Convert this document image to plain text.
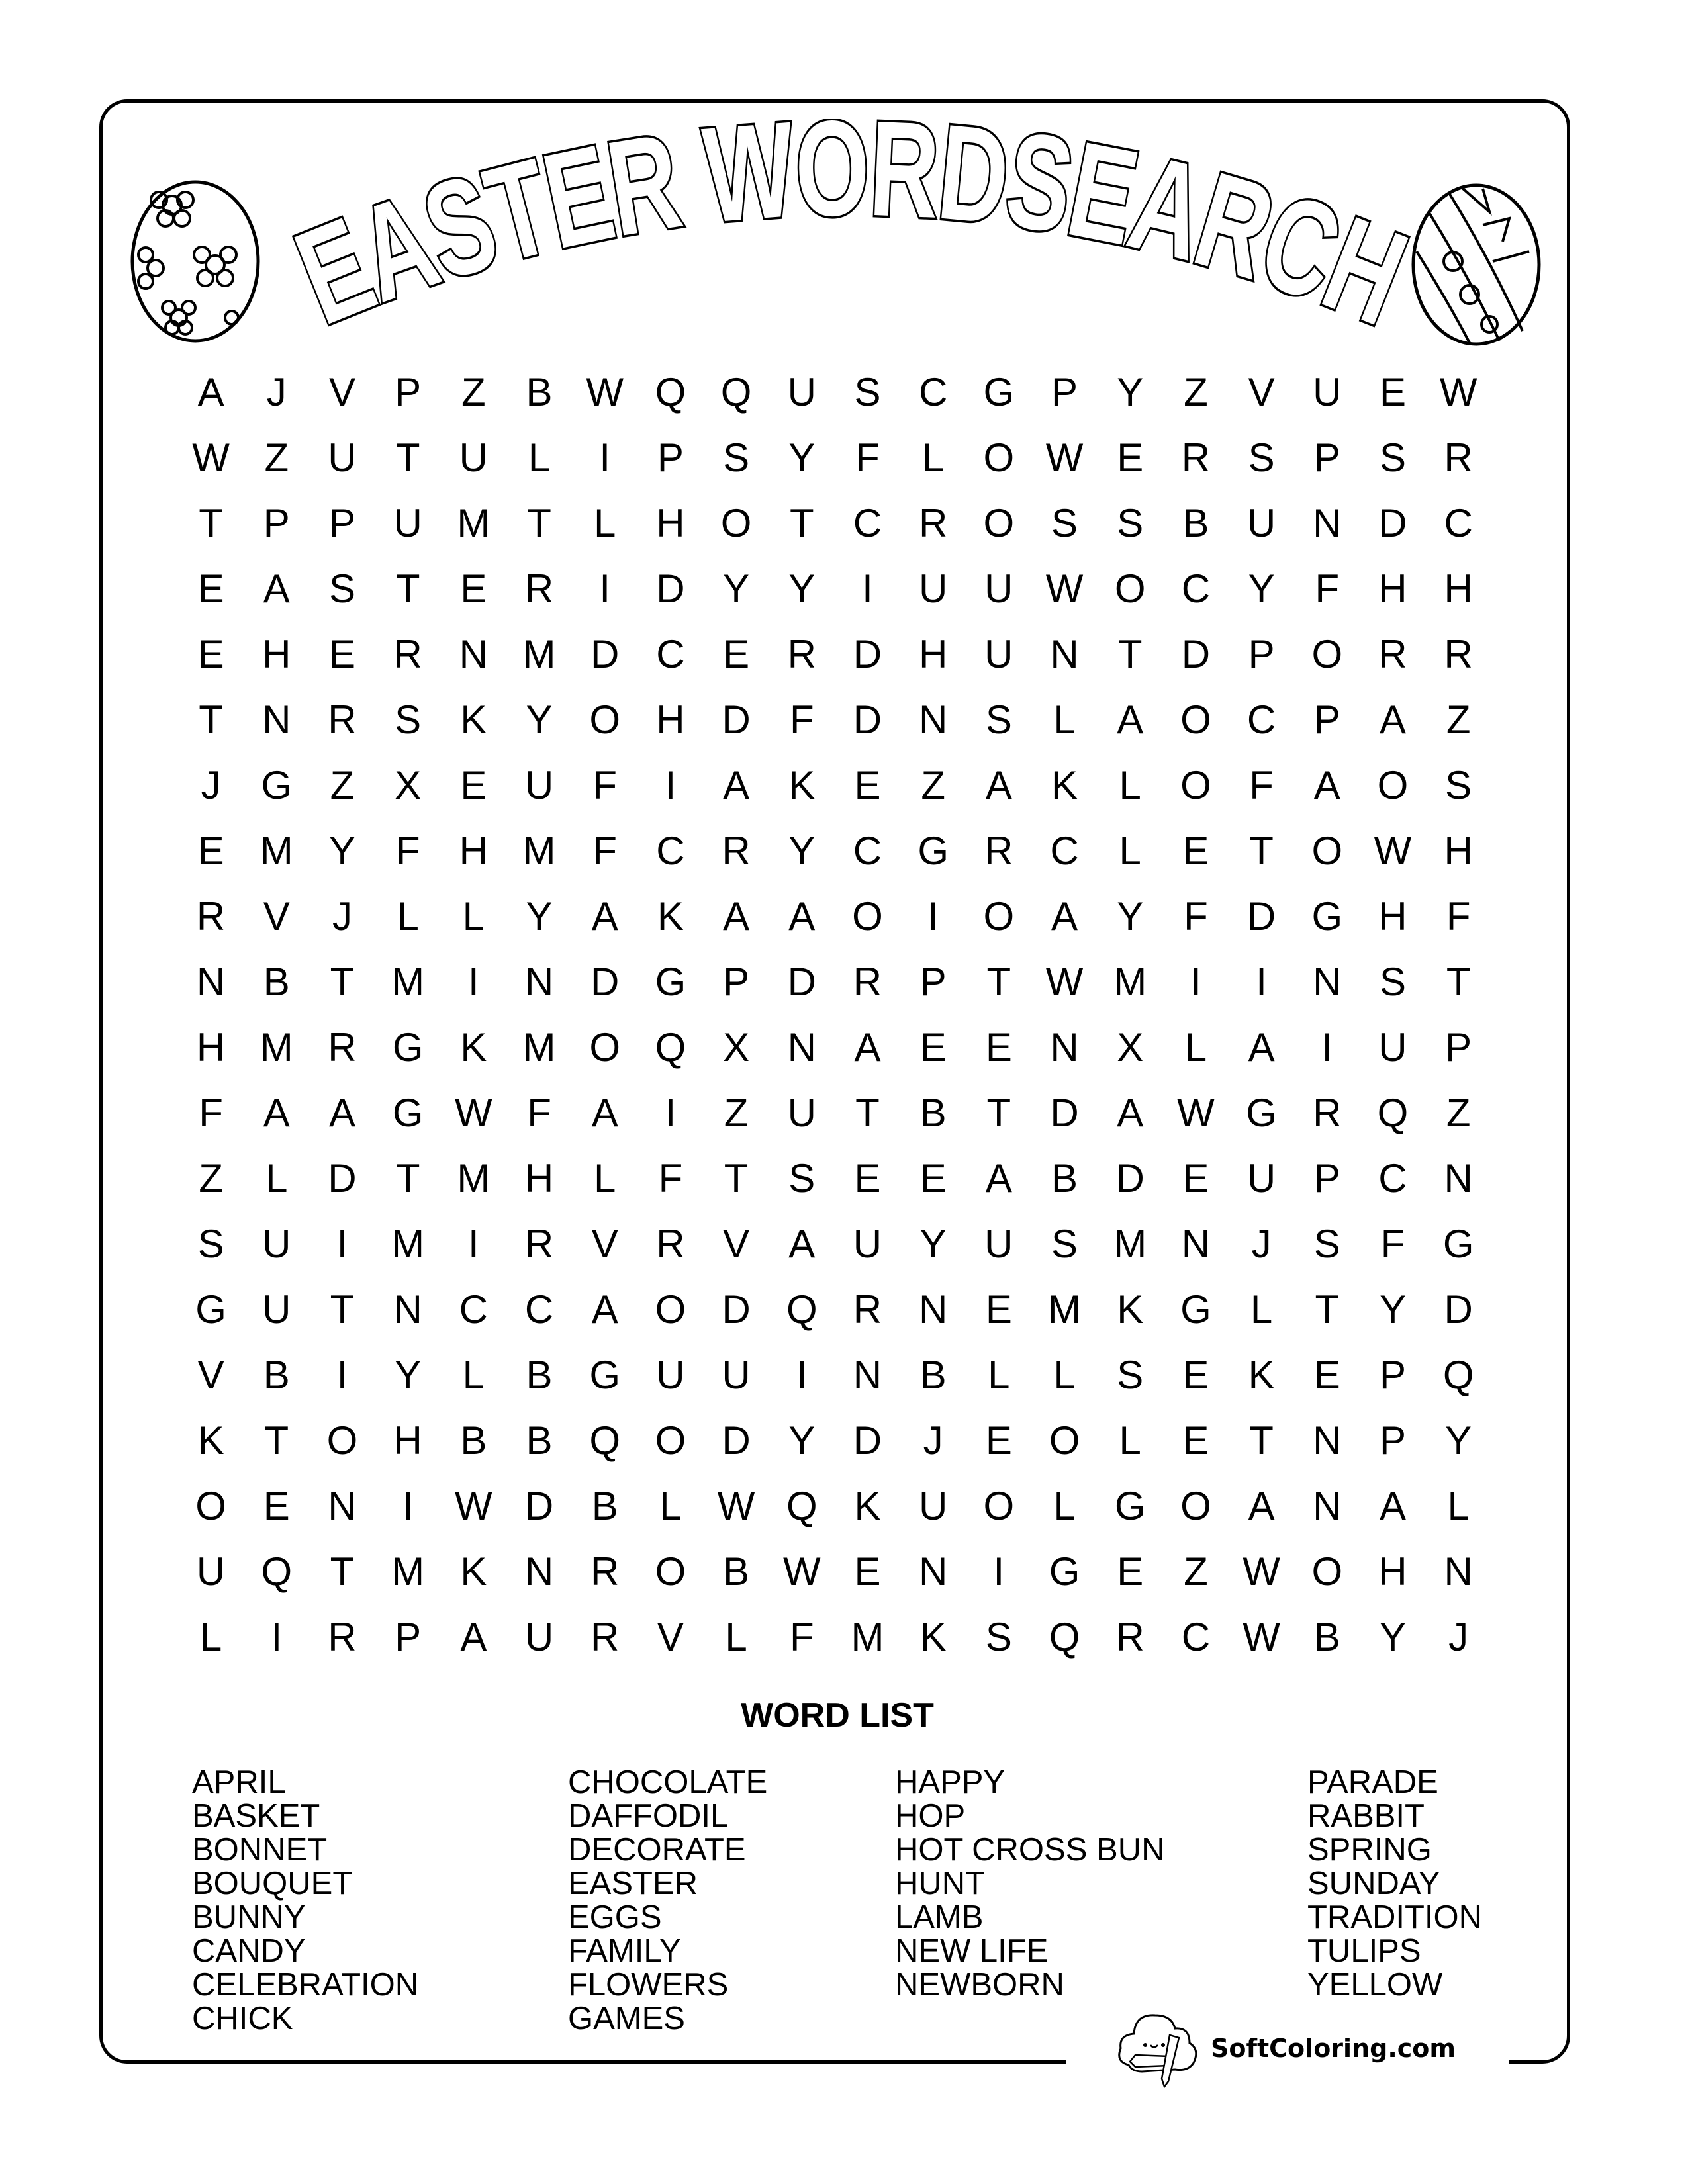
EASTER WORDSEARCH
A	J	V P	Z	B W Q Q U S C G P Y	Z	V U E W
W Z U T U	L	I	P S Y	F	L O W E R S P S R
T	P P U M T	L	H O T C R O S S B U N D C
E A S	T	E R	I	D Y Y	I	U U W O C Y	F H H
E H E R N M D C E R D H U N T D P O R R
T N R S K Y O H D F D N S	L	A O C P A	Z
J	G Z	X E U F	I	A K E	Z	A K	L O F	A O S
E M Y	F H M F C R Y C G R C	L	E	T O W H
R V	J	L	L	Y A K A A O	I	O A Y	F D G H F
N B	T M	I	N D G P D R P	T W M	I	I	N S	T
H M R G K M O Q X N A E E N X	L	A	I	U P
F	A A G W F	A	I	Z U T	B	T D A W G R Q Z
Z	L	D T M H	L	F	T	S E E A B D E U P C N
S U	I	M	I	R V R V A U Y U S M N	J	S	F G
G U T N C C A O D Q R N E M K G L	T	Y D
V B	I	Y	L	B G U U	I	N B	L	L	S E K E P Q
K	T O H B B Q O D Y D	J	E O L	E	T N P Y
O E N	I	W D B	L W Q K U O L G O A N A	L
U Q T M K N R O B W E N	I	G E	Z W O H N
L	I	R P A U R V	L	F M K S Q R C W B Y	J
WORD LIST
APRIL
BASKET
BONNET
BOUQUET
BUNNY
CANDY
CELEBRATION
CHICK
CHOCOLATE
DAFFODIL
DECORATE
EASTER
EGGS
FAMILY
FLOWERS
GAMES
HAPPY
HOP
HOT CROSS BUN
HUNT
LAMB
NEW LIFE
NEWBORN
PARADE
RABBIT
SPRING
SUNDAY
TRADITION
TULIPS
YELLOW
SoftColoring.com
